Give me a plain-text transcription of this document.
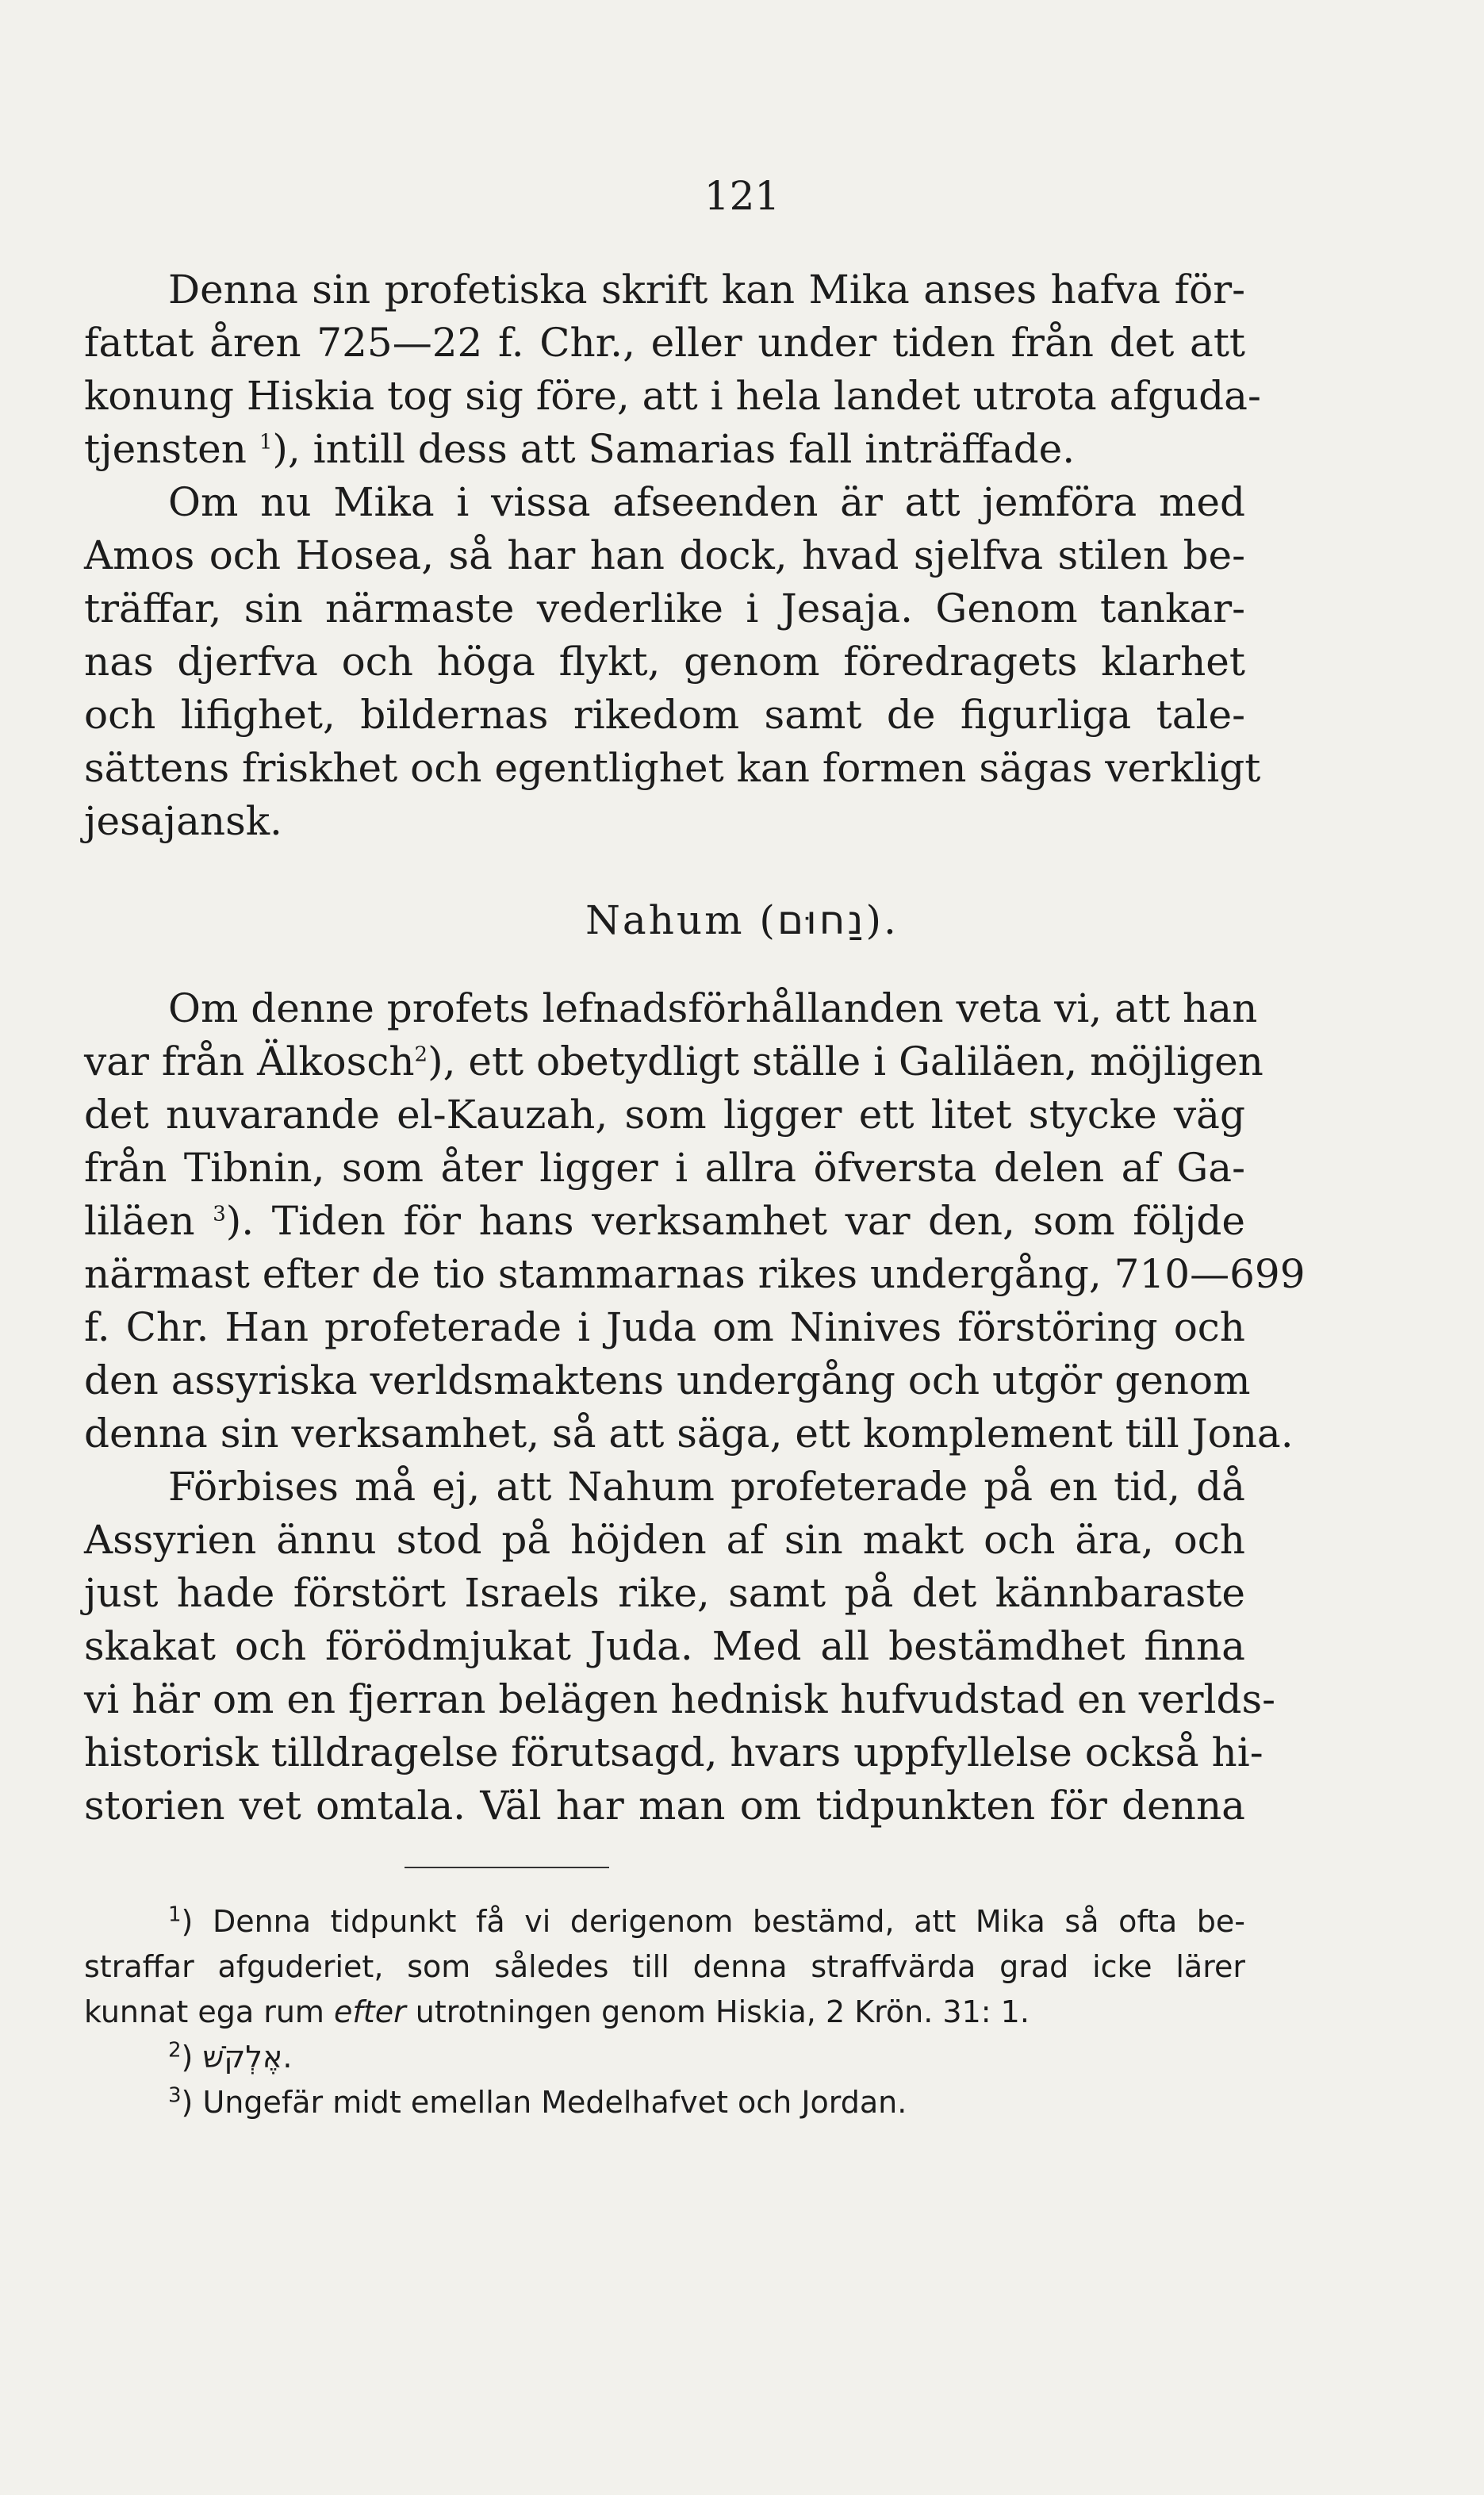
121
Denna sin profetiska skrift kan Mika anses hafva för-
fattat åren 725—22 f. Chr., eller under tiden från det att
konung Hiskia tog sig före, att i hela landet utrota afguda-
tjensten $^1$), intill dess att Samarias fall inträffade.
Om nu Mika i vissa afseenden är att jemföra med
Amos och Hosea, så har han dock, hvad sjelfva stilen be-
träffar, sin närmaste vederlike i Jesaja. Genom tankar-
nas djerfva och höga flykt, genom föredragets klarhet
och lifighet, bildernas rikedom samt de figurliga tale-
sättens friskhet och egentlighet kan formen sägas verkligt
jesajansk.
Nahum (נַחוּם).
Om denne profets lefnadsförhållanden veta vi, att han
var från Älkosch$^2$), ett obetydligt ställe i Galiläen, möjligen
det nuvarande el-Kauzah, som ligger ett litet stycke väg
från Tibnin, som åter ligger i allra öfversta delen af Ga-
liläen $^3$). Tiden för hans verksamhet var den, som följde
närmast efter de tio stammarnas rikes undergång, 710—699
f. Chr. Han profeterade i Juda om Ninives förstöring och
den assyriska verldsmaktens undergång och utgör genom
denna sin verksamhet, så att säga, ett komplement till Jona.
Förbises må ej, att Nahum profeterade på en tid, då
Assyrien ännu stod på höjden af sin makt och ära, och
just hade förstört Israels rike, samt på det kännbaraste
skakat och förödmjukat Juda. Med all bestämdhet finna
vi här om en fjerran belägen hednisk hufvudstad en verlds-
historisk tilldragelse förutsagd, hvars uppfyllelse också hi-
storien vet omtala. Väl har man om tidpunkten för denna
$^1$) Denna tidpunkt få vi derigenom bestämd, att Mika så ofta be-
straffar afguderiet, som således till denna straffvärda grad icke lärer
kunnat ega rum efter utrotningen genom Hiskia, 2 Krön. 31: 1.
$^2$) אֶלְקֹשׁ.
$^3$) Ungefär midt emellan Medelhafvet och Jordan.
